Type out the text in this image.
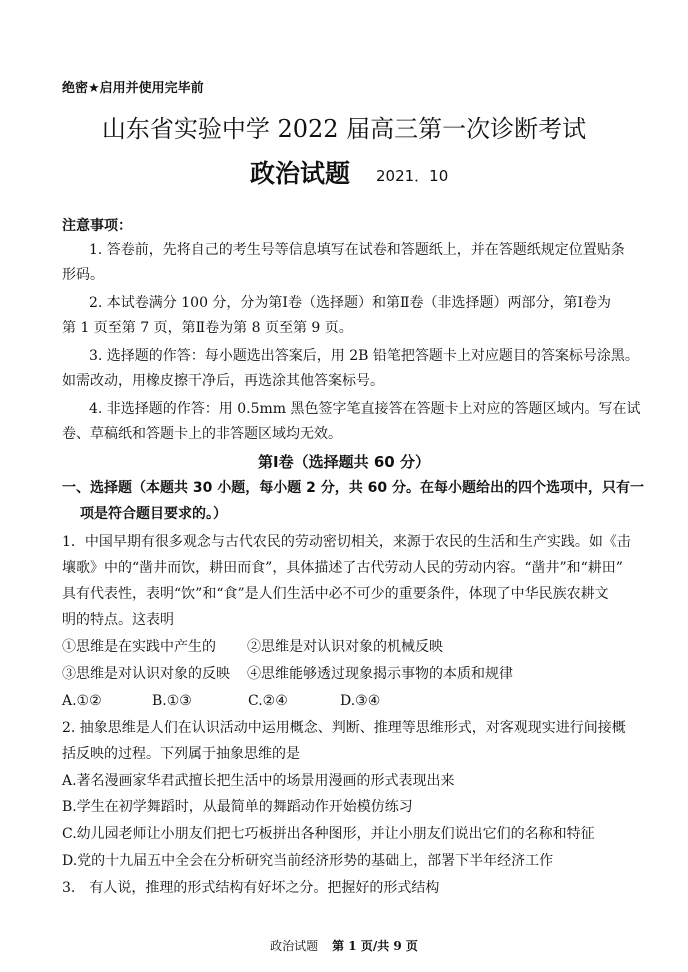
绝密★启用并使用完毕前
山东省实验中学 2022 届高三第一次诊断考试
政治试题 2021．10
注意事项：
1. 答卷前，先将自己的考生号等信息填写在试卷和答题纸上，并在答题纸规定位置贴条
形码。
2. 本试卷满分 100 分，分为第Ⅰ卷（选择题）和第Ⅱ卷（非选择题）两部分，第Ⅰ卷为
第 1 页至第 7 页，第Ⅱ卷为第 8 页至第 9 页。
3. 选择题的作答：每小题选出答案后，用 2B 铅笔把答题卡上对应题目的答案标号涂黑。
如需改动，用橡皮擦干净后，再选涂其他答案标号。
4. 非选择题的作答：用 0.5mm 黑色签字笔直接答在答题卡上对应的答题区域内。写在试
卷、草稿纸和答题卡上的非答题区域均无效。
第Ⅰ卷（选择题共 60 分）
一、选择题（本题共 30 小题，每小题 2 分，共 60 分。在每小题给出的四个选项中，只有一
项是符合题目要求的。）
1．中国早期有很多观念与古代农民的劳动密切相关，来源于农民的生活和生产实践。如《击
壤歌》中的“凿井而饮，耕田而食”，具体描述了古代劳动人民的劳动内容。“凿井”和“耕田”
具有代表性，表明“饮”和“食”是人们生活中必不可少的重要条件，体现了中华民族农耕文
明的特点。这表明
①思维是在实践中产生的 ②思维是对认识对象的机械反映
③思维是对认识对象的反映 ④思维能够透过现象揭示事物的本质和规律
A.①②	B.①③	C.②④	D.③④
2. 抽象思维是人们在认识活动中运用概念、判断、推理等思维形式，对客观现实进行间接概
括反映的过程。下列属于抽象思维的是
A.著名漫画家华君武擅长把生活中的场景用漫画的形式表现出来
B.学生在初学舞蹈时，从最简单的舞蹈动作开始模仿练习
C.幼儿园老师让小朋友们把七巧板拼出各种图形，并让小朋友们说出它们的名称和特征
D.党的十九届五中全会在分析研究当前经济形势的基础上，部署下半年经济工作
3.　有人说，推理的形式结构有好坏之分。把握好的形式结构
政治试题 第 1 页/共 9 页
